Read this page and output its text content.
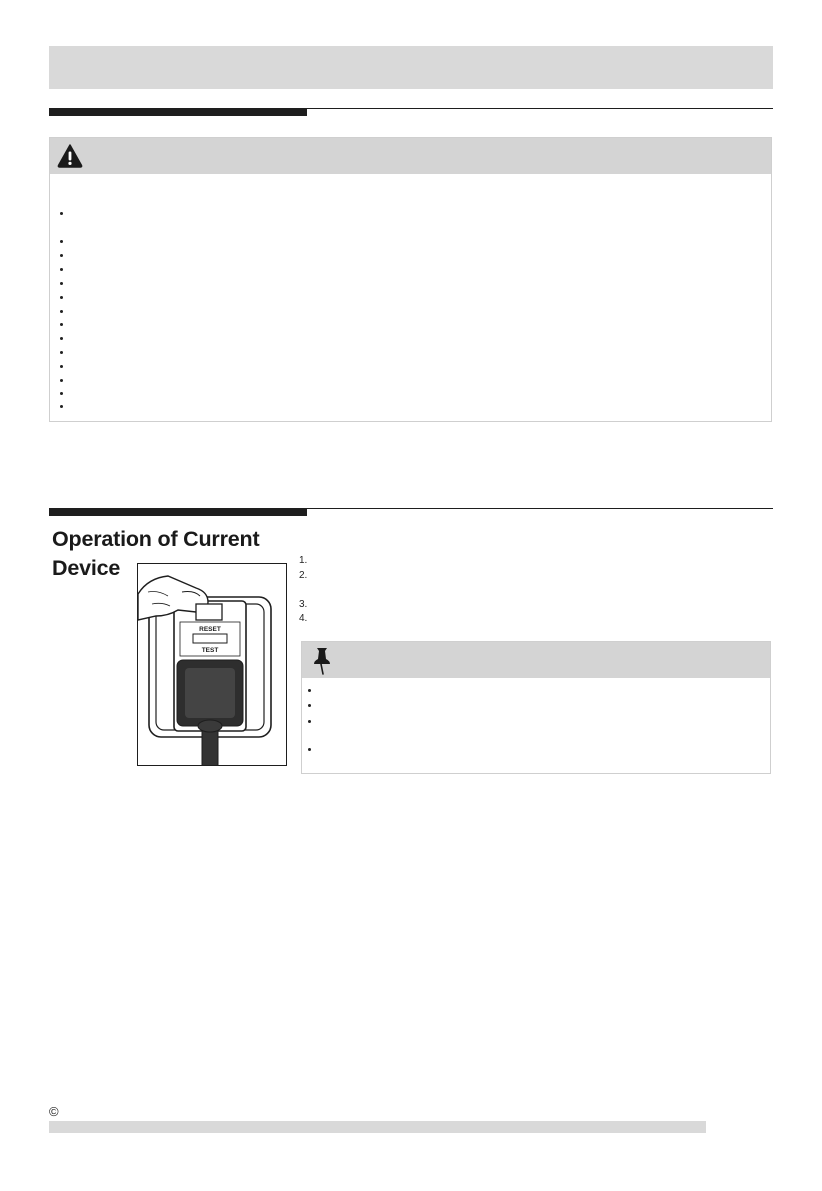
Operation of Current
Device
RESET
TEST
1.
2.
3.
4.
©
